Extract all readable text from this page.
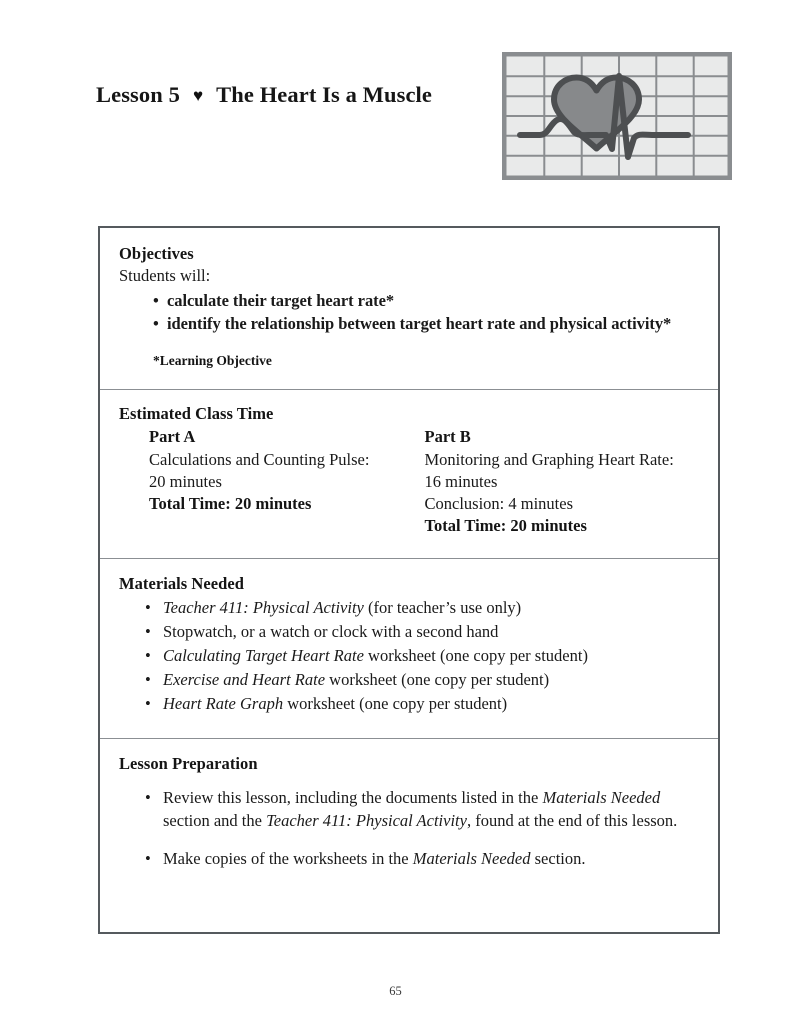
Lesson 5 ♥ The Heart Is a Muscle
Objectives
Students will:
• calculate their target heart rate*
• identify the relationship between target heart rate and physical activity*
*Learning Objective
Estimated Class Time
Part A
Calculations and Counting Pulse:
20 minutes
Total Time: 20 minutes
Part B
Monitoring and Graphing Heart Rate:
16 minutes
Conclusion: 4 minutes
Total Time: 20 minutes
Materials Needed
• Teacher 411: Physical Activity (for teacher’s use only)
• Stopwatch, or a watch or clock with a second hand
• Calculating Target Heart Rate worksheet (one copy per student)
• Exercise and Heart Rate worksheet (one copy per student)
• Heart Rate Graph worksheet (one copy per student)
Lesson Preparation
• Review this lesson, including the documents listed in the Materials Needed section and the Teacher 411: Physical Activity, found at the end of this lesson.
• Make copies of the worksheets in the Materials Needed section.
65
